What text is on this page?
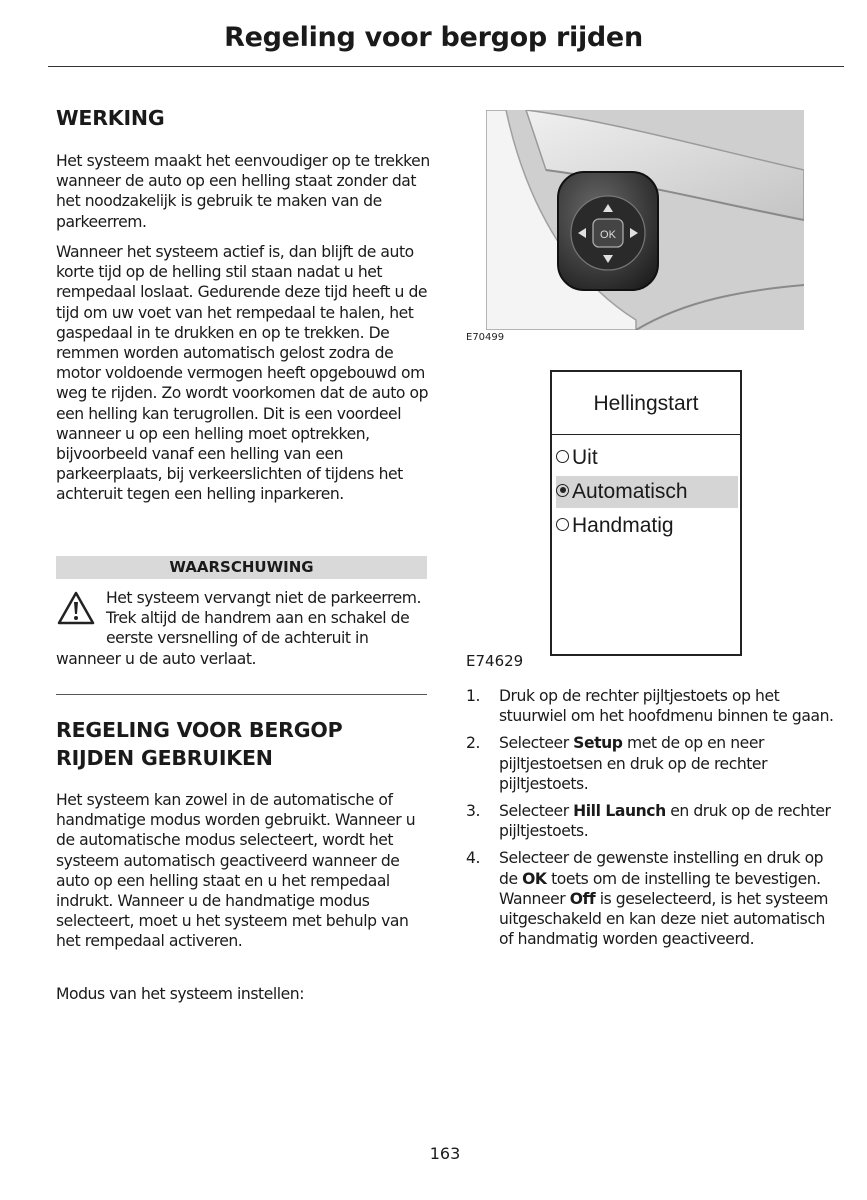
Regeling voor bergop rijden
WERKING

Het systeem maakt het eenvoudiger op te trekken wanneer de auto op een helling staat zonder dat het noodzakelijk is gebruik te maken van de parkeerrem.

Wanneer het systeem actief is, dan blijft de auto korte tijd op de helling stil staan nadat u het rempedaal loslaat. Gedurende deze tijd heeft u de tijd om uw voet van het rempedaal te halen, het gaspedaal in te drukken en op te trekken. De remmen worden automatisch gelost zodra de motor voldoende vermogen heeft opgebouwd om weg te rijden. Zo wordt voorkomen dat de auto op een helling kan terugrollen. Dit is een voordeel wanneer u op een helling moet optrekken, bijvoorbeeld vanaf een helling van een parkeerplaats, bij verkeerslichten of tijdens het achteruit tegen een helling inparkeren.

WAARSCHUWING

Het systeem vervangt niet de parkeerrem. Trek altijd de handrem aan en schakel de eerste versnelling of de achteruit in wanneer u de auto verlaat.

REGELING VOOR BERGOP
RIJDEN GEBRUIKEN

Het systeem kan zowel in de automatische of handmatige modus worden gebruikt. Wanneer u de automatische modus selecteert, wordt het systeem automatisch geactiveerd wanneer de auto op een helling staat en u het rempedaal indrukt. Wanneer u de handmatige modus selecteert, moet u het systeem met behulp van het rempedaal activeren.

Modus van het systeem instellen:

OK
E70499
Hellingstart
Uit
Automatisch
Handmatig
E74629
1. Druk op de rechter pijltjestoets op het stuurwiel om het hoofdmenu binnen te gaan.
2. Selecteer Setup met de op en neer pijltjestoetsen en druk op de rechter pijltjestoets.
3. Selecteer Hill Launch en druk op de rechter pijltjestoets.
4. Selecteer de gewenste instelling en druk op de OK toets om de instelling te bevestigen. Wanneer Off is geselecteerd, is het systeem uitgeschakeld en kan deze niet automatisch of handmatig worden geactiveerd.
163
